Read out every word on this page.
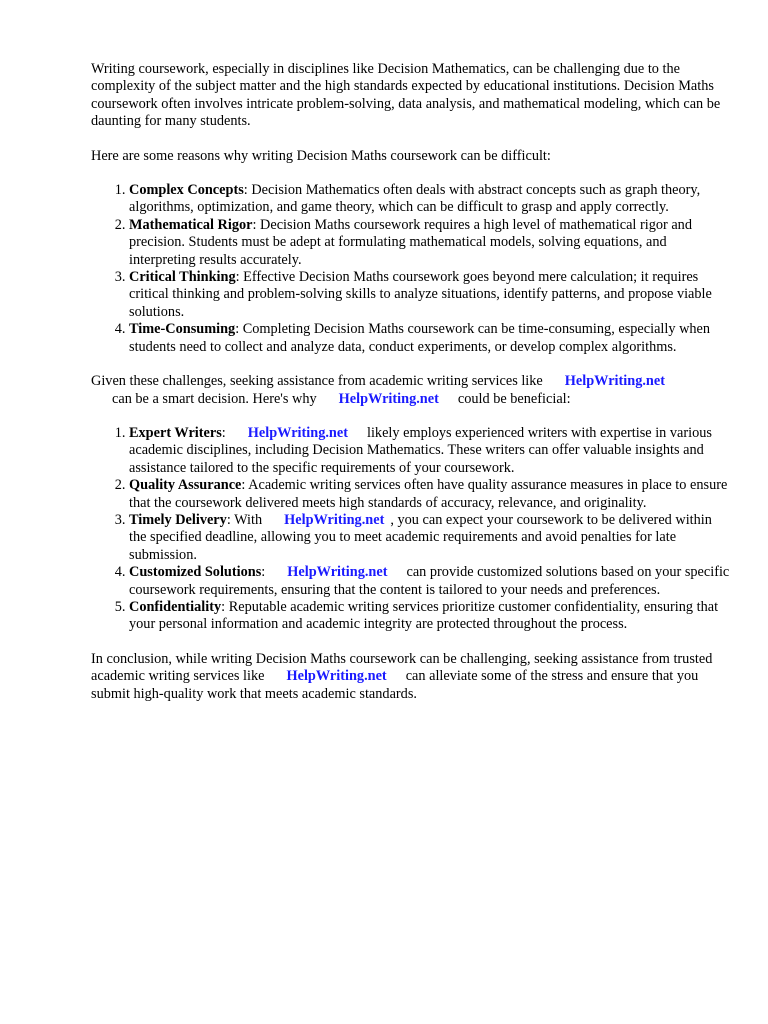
Writing coursework, especially in disciplines like Decision Mathematics, can be challenging due to the complexity of the subject matter and the high standards expected by educational institutions. Decision Maths coursework often involves intricate problem-solving, data analysis, and mathematical modeling, which can be daunting for many students.

Here are some reasons why writing Decision Maths coursework can be difficult:

1. Complex Concepts: Decision Mathematics often deals with abstract concepts such as graph theory, algorithms, optimization, and game theory, which can be difficult to grasp and apply correctly.
2. Mathematical Rigor: Decision Maths coursework requires a high level of mathematical rigor and precision. Students must be adept at formulating mathematical models, solving equations, and interpreting results accurately.
3. Critical Thinking: Effective Decision Maths coursework goes beyond mere calculation; it requires critical thinking and problem-solving skills to analyze situations, identify patterns, and propose viable solutions.
4. Time-Consuming: Completing Decision Maths coursework can be time-consuming, especially when students need to collect and analyze data, conduct experiments, or develop complex algorithms.

Given these challenges, seeking assistance from academic writing services like HelpWriting.net
can be a smart decision. Here's why HelpWriting.net could be beneficial:

1. Expert Writers: HelpWriting.net likely employs experienced writers with expertise in various academic disciplines, including Decision Mathematics. These writers can offer valuable insights and assistance tailored to the specific requirements of your coursework.
2. Quality Assurance: Academic writing services often have quality assurance measures in place to ensure that the coursework delivered meets high standards of accuracy, relevance, and originality.
3. Timely Delivery: With HelpWriting.net , you can expect your coursework to be delivered within the specified deadline, allowing you to meet academic requirements and avoid penalties for late submission.
4. Customized Solutions: HelpWriting.net can provide customized solutions based on your specific coursework requirements, ensuring that the content is tailored to your needs and preferences.
5. Confidentiality: Reputable academic writing services prioritize customer confidentiality, ensuring that your personal information and academic integrity are protected throughout the process.

In conclusion, while writing Decision Maths coursework can be challenging, seeking assistance from trusted academic writing services like HelpWriting.net can alleviate some of the stress and ensure that you submit high-quality work that meets academic standards.
